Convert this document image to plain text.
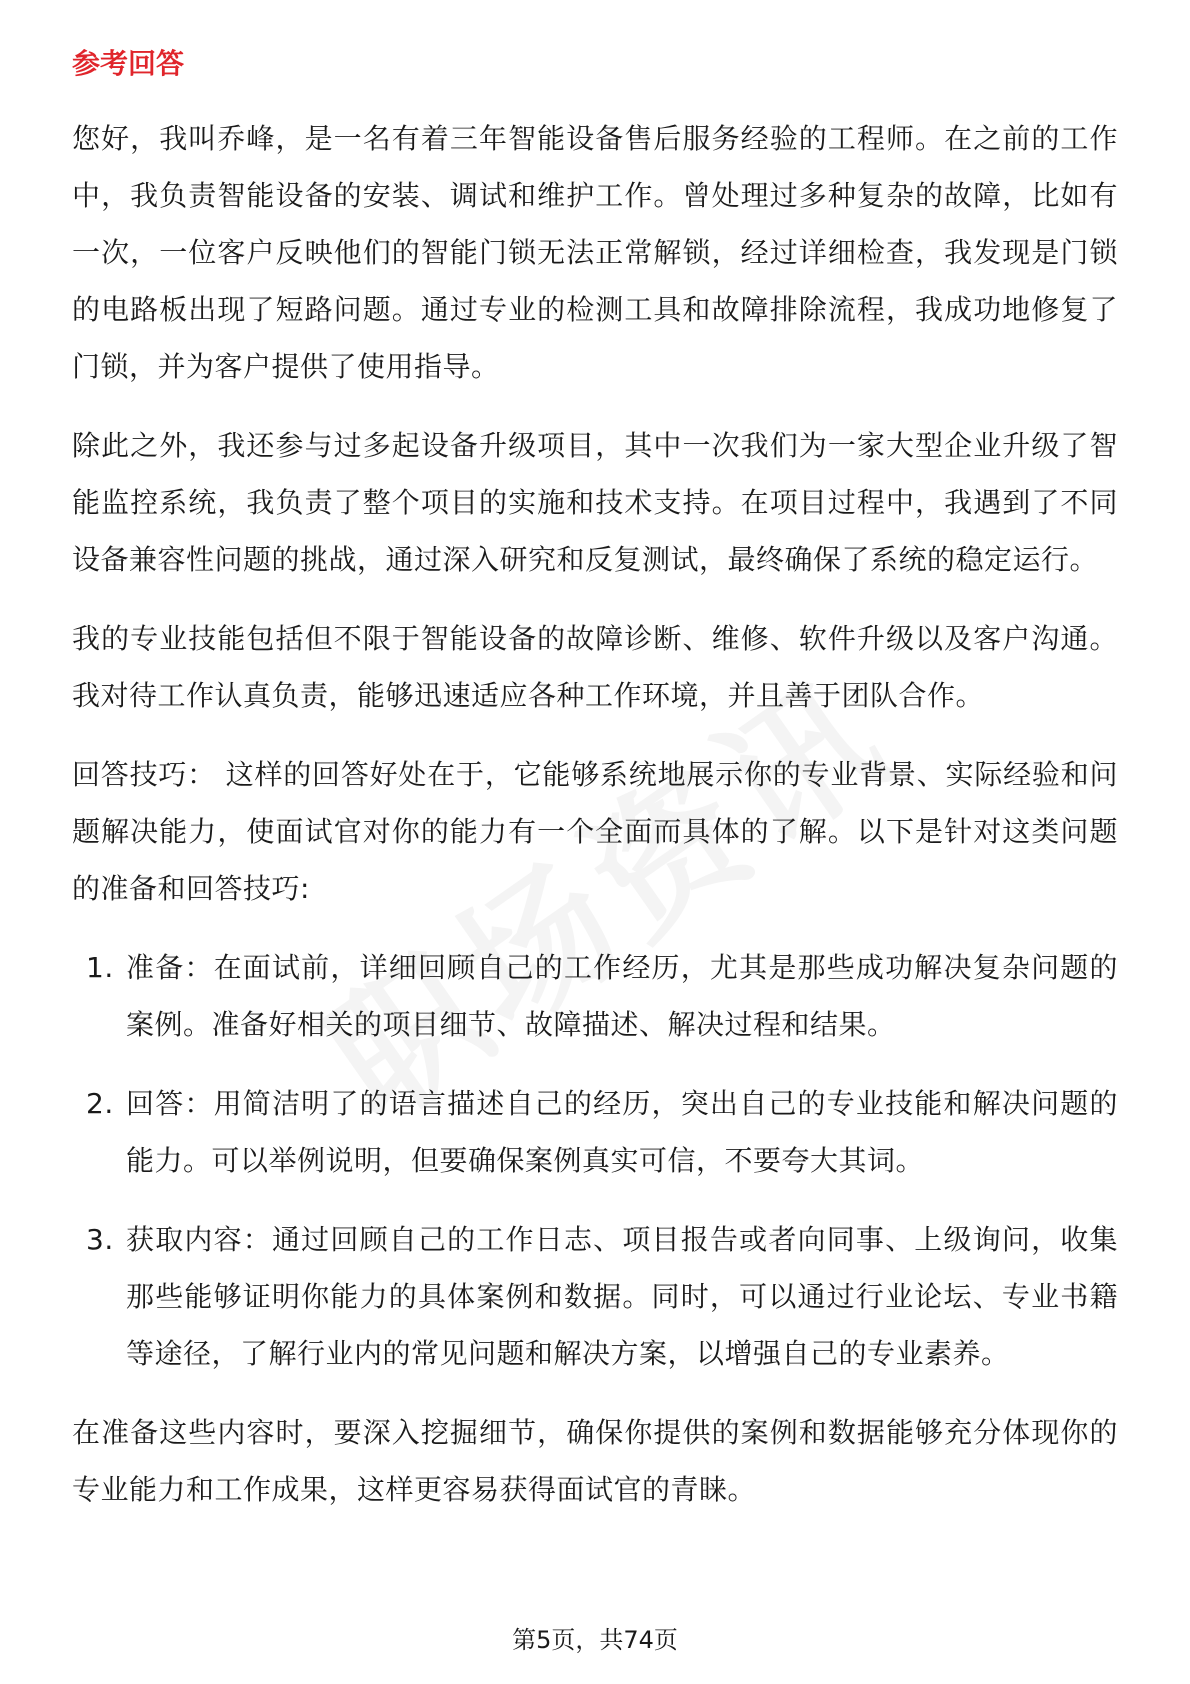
参考回答

您好，我叫乔峰，是一名有着三年智能设备售后服务经验的工程师。在之前的工作中，我负责智能设备的安装、调试和维护工作。曾处理过多种复杂的故障，比如有一次，一位客户反映他们的智能门锁无法正常解锁，经过详细检查，我发现是门锁的电路板出现了短路问题。通过专业的检测工具和故障排除流程，我成功地修复了门锁，并为客户提供了使用指导。

除此之外，我还参与过多起设备升级项目，其中一次我们为一家大型企业升级了智能监控系统，我负责了整个项目的实施和技术支持。在项目过程中，我遇到了不同设备兼容性问题的挑战，通过深入研究和反复测试，最终确保了系统的稳定运行。

我的专业技能包括但不限于智能设备的故障诊断、维修、软件升级以及客户沟通。我对待工作认真负责，能够迅速适应各种工作环境，并且善于团队合作。

回答技巧： 这样的回答好处在于，它能够系统地展示你的专业背景、实际经验和问题解决能力，使面试官对你的能力有一个全面而具体的了解。以下是针对这类问题的准备和回答技巧:

1. 准备：在面试前，详细回顾自己的工作经历，尤其是那些成功解决复杂问题的案例。准备好相关的项目细节、故障描述、解决过程和结果。
2. 回答：用简洁明了的语言描述自己的经历，突出自己的专业技能和解决问题的能力。可以举例说明，但要确保案例真实可信，不要夸大其词。
3. 获取内容：通过回顾自己的工作日志、项目报告或者向同事、上级询问，收集那些能够证明你能力的具体案例和数据。同时，可以通过行业论坛、专业书籍等途径，了解行业内的常见问题和解决方案，以增强自己的专业素养。

在准备这些内容时，要深入挖掘细节，确保你提供的案例和数据能够充分体现你的专业能力和工作成果，这样更容易获得面试官的青睐。

第5页，共74页
